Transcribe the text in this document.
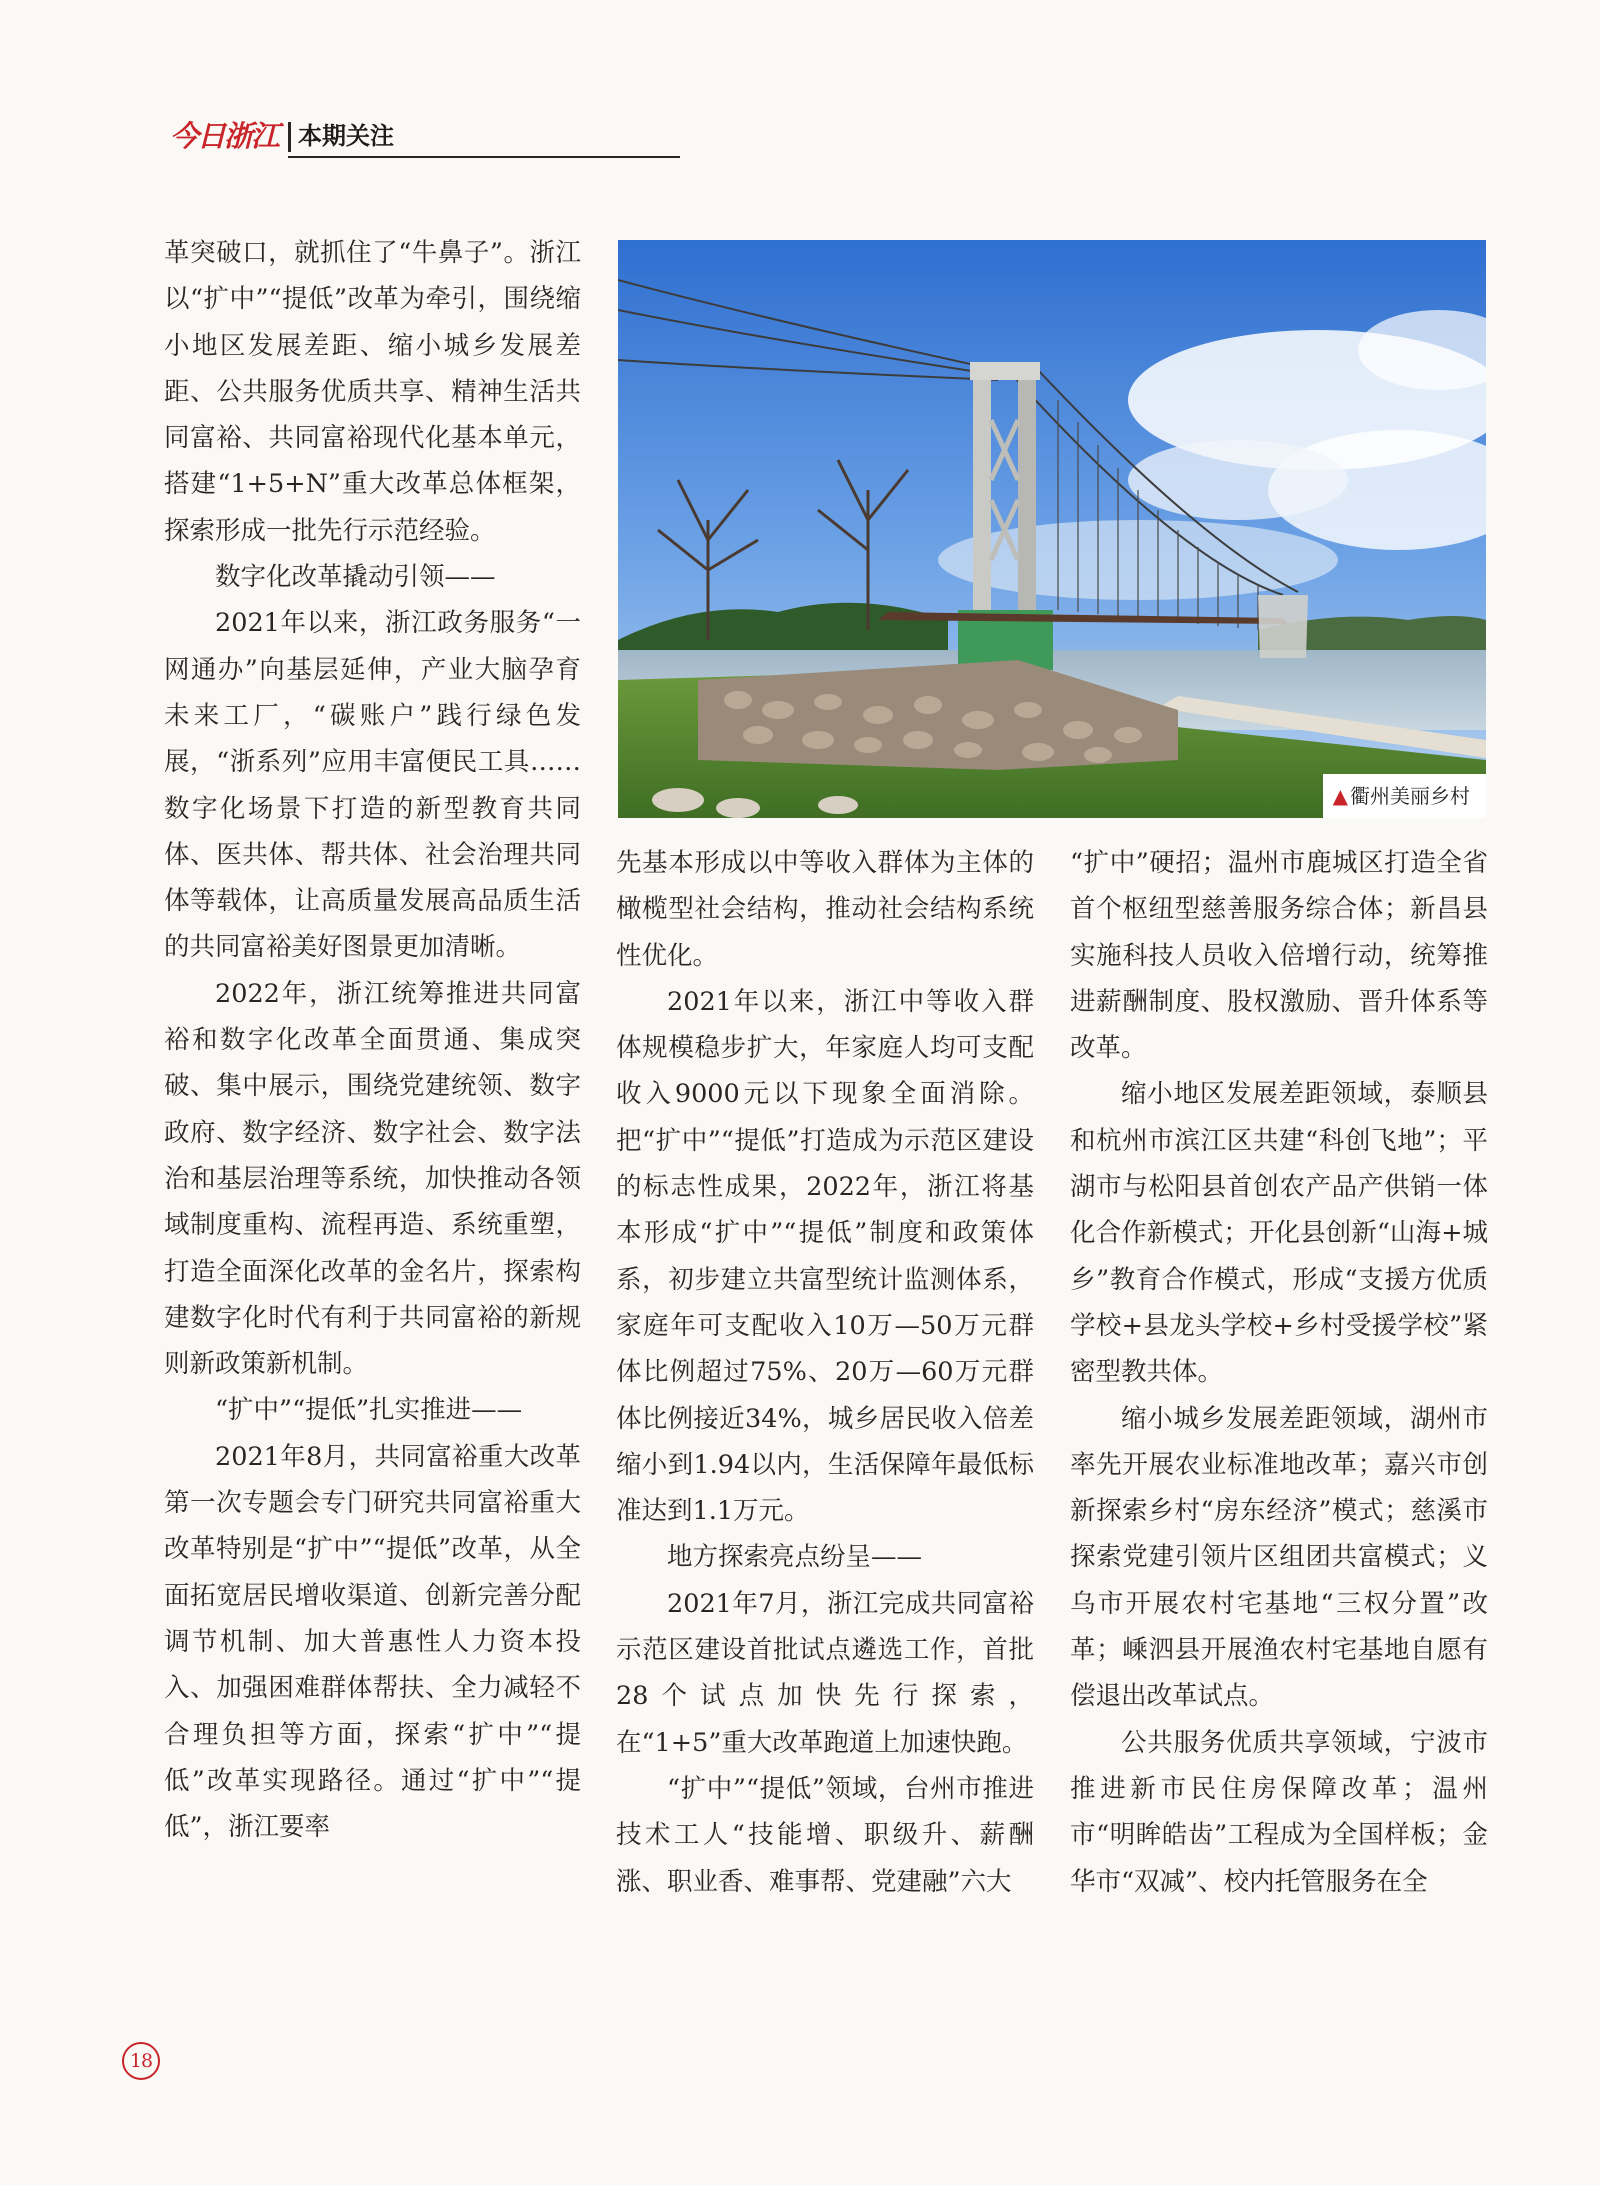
今日浙江 本期关注

革突破口，就抓住了“牛鼻子”。浙江以“扩中”“提低”改革为牵引，围绕缩小地区发展差距、缩小城乡发展差距、公共服务优质共享、精神生活共同富裕、共同富裕现代化基本单元，搭建“1+5+N”重大改革总体框架，探索形成一批先行示范经验。

数字化改革撬动引领——

2021年以来，浙江政务服务“一网通办”向基层延伸，产业大脑孕育未来工厂，“碳账户”践行绿色发展，“浙系列”应用丰富便民工具……数字化场景下打造的新型教育共同体、医共体、帮共体、社会治理共同体等载体，让高质量发展高品质生活的共同富裕美好图景更加清晰。

2022年，浙江统筹推进共同富裕和数字化改革全面贯通、集成突破、集中展示，围绕党建统领、数字政府、数字经济、数字社会、数字法治和基层治理等系统，加快推动各领域制度重构、流程再造、系统重塑，打造全面深化改革的金名片，探索构建数字化时代有利于共同富裕的新规则新政策新机制。

“扩中”“提低”扎实推进——

2021年8月，共同富裕重大改革第一次专题会专门研究共同富裕重大改革特别是“扩中”“提低”改革，从全面拓宽居民增收渠道、创新完善分配调节机制、加大普惠性人力资本投入、加强困难群体帮扶、全力减轻不合理负担等方面，探索“扩中”“提低”改革实现路径。通过“扩中”“提低”，浙江要率

▲ 衢州美丽乡村

先基本形成以中等收入群体为主体的橄榄型社会结构，推动社会结构系统性优化。

2021年以来，浙江中等收入群体规模稳步扩大，年家庭人均可支配收入9000元以下现象全面消除。把“扩中”“提低”打造成为示范区建设的标志性成果，2022年，浙江将基本形成“扩中”“提低”制度和政策体系，初步建立共富型统计监测体系，家庭年可支配收入10万—50万元群体比例超过75%、20万—60万元群体比例接近34%，城乡居民收入倍差缩小到1.94以内，生活保障年最低标准达到1.1万元。

地方探索亮点纷呈——

2021年7月，浙江完成共同富裕示范区建设首批试点遴选工作，首批28个试点加快先行探索，在“1+5”重大改革跑道上加速快跑。

“扩中”“提低”领域，台州市推进技术工人“技能增、职级升、薪酬涨、职业香、难事帮、党建融”六大

“扩中”硬招；温州市鹿城区打造全省首个枢纽型慈善服务综合体；新昌县实施科技人员收入倍增行动，统筹推进薪酬制度、股权激励、晋升体系等改革。

缩小地区发展差距领域，泰顺县和杭州市滨江区共建“科创飞地”；平湖市与松阳县首创农产品产供销一体化合作新模式；开化县创新“山海+城乡”教育合作模式，形成“支援方优质学校+县龙头学校+乡村受援学校”紧密型教共体。

缩小城乡发展差距领域，湖州市率先开展农业标准地改革；嘉兴市创新探索乡村“房东经济”模式；慈溪市探索党建引领片区组团共富模式；义乌市开展农村宅基地“三权分置”改革；嵊泗县开展渔农村宅基地自愿有偿退出改革试点。

公共服务优质共享领域，宁波市推进新市民住房保障改革；温州市“明眸皓齿”工程成为全国样板；金华市“双减”、校内托管服务在全

18
